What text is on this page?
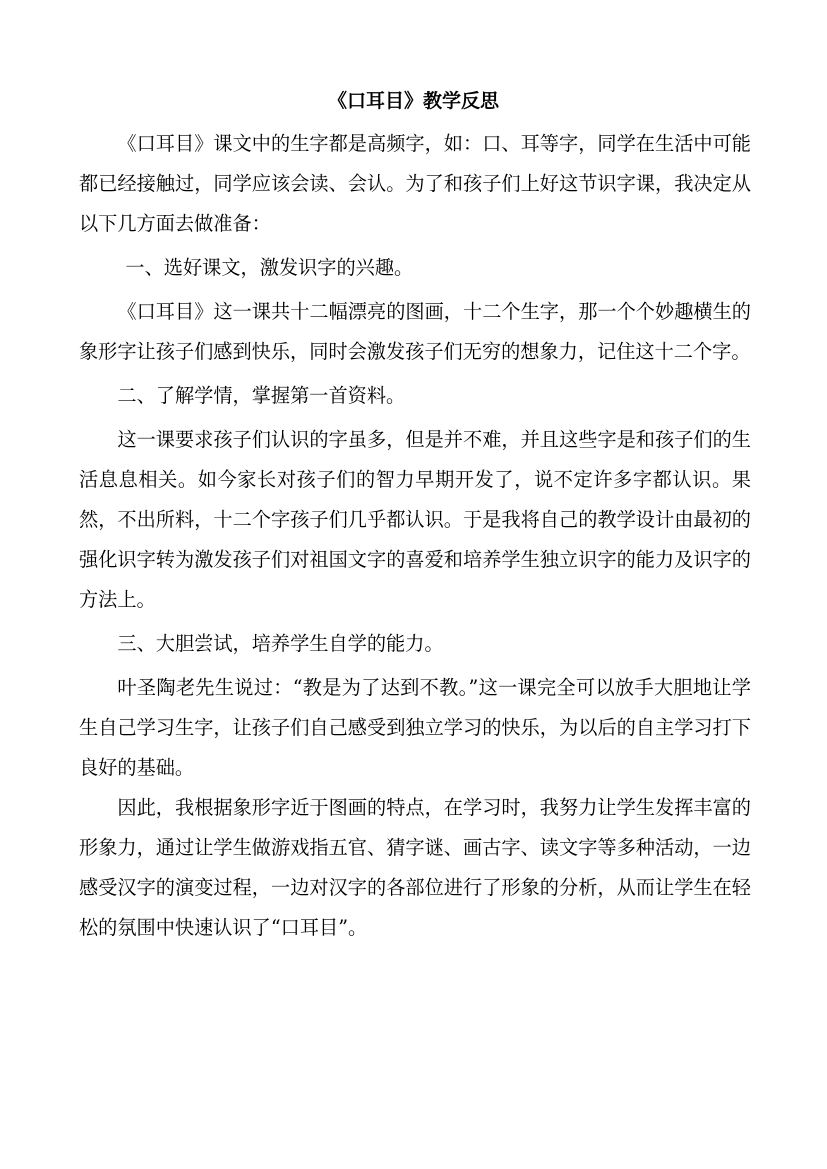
《口耳目》教学反思

《口耳目》课文中的生字都是高频字，如：口、耳等字，同学在生活中可能都已经接触过，同学应该会读、会认。为了和孩子们上好这节识字课，我决定从以下几方面去做准备：

一、选好课文，激发识字的兴趣。

《口耳目》这一课共十二幅漂亮的图画，十二个生字，那一个个妙趣横生的象形字让孩子们感到快乐，同时会激发孩子们无穷的想象力，记住这十二个字。

二、了解学情，掌握第一首资料。

这一课要求孩子们认识的字虽多，但是并不难，并且这些字是和孩子们的生活息息相关。如今家长对孩子们的智力早期开发了，说不定许多字都认识。果然，不出所料，十二个字孩子们几乎都认识。于是我将自己的教学设计由最初的强化识字转为激发孩子们对祖国文字的喜爱和培养学生独立识字的能力及识字的方法上。

三、大胆尝试，培养学生自学的能力。

叶圣陶老先生说过：“教是为了达到不教。”这一课完全可以放手大胆地让学生自己学习生字，让孩子们自己感受到独立学习的快乐，为以后的自主学习打下良好的基础。

因此，我根据象形字近于图画的特点，在学习时，我努力让学生发挥丰富的形象力，通过让学生做游戏指五官、猜字谜、画古字、读文字等多种活动，一边感受汉字的演变过程，一边对汉字的各部位进行了形象的分析，从而让学生在轻松的氛围中快速认识了“口耳目”。
